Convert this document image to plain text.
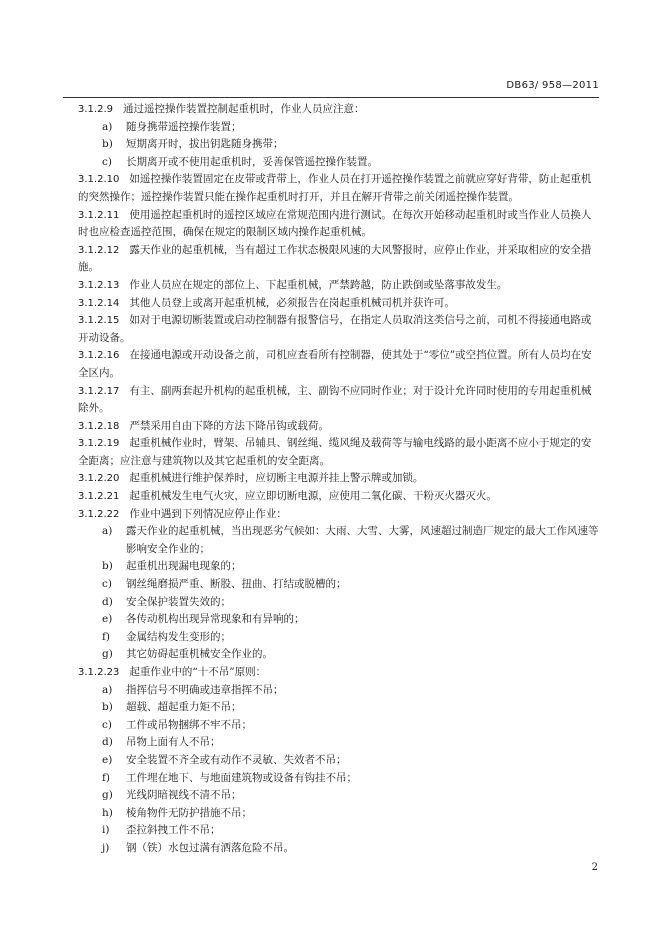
DB63/ 958—2011

3.1.2.9 通过遥控操作装置控制起重机时，作业人员应注意：

a) 随身携带遥控操作装置；

b) 短期离开时，拔出钥匙随身携带；

c) 长期离开或不使用起重机时，妥善保管遥控操作装置。

3.1.2.10 如遥控操作装置固定在皮带或背带上，作业人员在打开遥控操作装置之前就应穿好背带，防止起重机的突然操作；遥控操作装置只能在操作起重机时打开，并且在解开背带之前关闭遥控操作装置。

3.1.2.11 使用遥控起重机时的遥控区域应在常规范围内进行测试。在每次开始移动起重机时或当作业人员换人时也应检查遥控范围，确保在规定的限制区域内操作起重机械。

3.1.2.12 露天作业的起重机械，当有超过工作状态极限风速的大风警报时，应停止作业，并采取相应的安全措施。

3.1.2.13 作业人员应在规定的部位上、下起重机械，严禁跨越，防止跌倒或坠落事故发生。

3.1.2.14 其他人员登上或离开起重机械，必须报告在岗起重机械司机并获许可。

3.1.2.15 如对于电源切断装置或启动控制器有报警信号，在指定人员取消这类信号之前，司机不得接通电路或开动设备。

3.1.2.16 在接通电源或开动设备之前，司机应查看所有控制器，使其处于“零位”或空挡位置。所有人员均在安全区内。

3.1.2.17 有主、副两套起升机构的起重机械，主、副钩不应同时作业；对于设计允许同时使用的专用起重机械除外。

3.1.2.18 严禁采用自由下降的方法下降吊钩或载荷。

3.1.2.19 起重机械作业时，臂架、吊辅具、钢丝绳、缆风绳及载荷等与输电线路的最小距离不应小于规定的安全距离；应注意与建筑物以及其它起重机的安全距离。

3.1.2.20 起重机械进行维护保养时，应切断主电源并挂上警示牌或加锁。

3.1.2.21 起重机械发生电气火灾，应立即切断电源，应使用二氧化碳、干粉灭火器灭火。

3.1.2.22 作业中遇到下列情况应停止作业：

a) 露天作业的起重机械，当出现恶劣气候如：大雨、大雪、大雾，风速超过制造厂规定的最大工作风速等影响安全作业的；

b) 起重机出现漏电现象的；

c) 钢丝绳磨损严重、断股、扭曲、打结或脱槽的；

d) 安全保护装置失效的；

e) 各传动机构出现异常现象和有异响的；

f) 金属结构发生变形的；

g) 其它妨碍起重机械安全作业的。

3.1.2.23 起重作业中的“十不吊”原则：

a) 指挥信号不明确或违章指挥不吊；

b) 超载、超起重力矩不吊；

c) 工件或吊物捆绑不牢不吊；

d) 吊物上面有人不吊；

e) 安全装置不齐全或有动作不灵敏、失效者不吊；

f) 工件埋在地下、与地面建筑物或设备有钩挂不吊；

g) 光线阴暗视线不清不吊；

h) 棱角物件无防护措施不吊；

i) 歪拉斜拽工件不吊；

j) 钢（铁）水包过满有洒落危险不吊。

2
